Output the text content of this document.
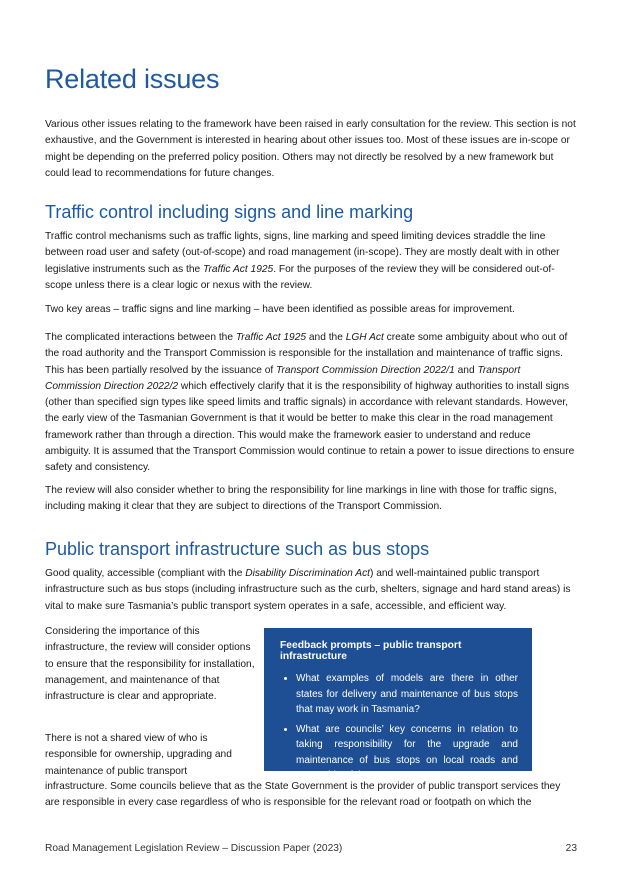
Related issues

Various other issues relating to the framework have been raised in early consultation for the review. This section is not exhaustive, and the Government is interested in hearing about other issues too. Most of these issues are in-scope or might be depending on the preferred policy position. Others may not directly be resolved by a new framework but could lead to recommendations for future changes.

Traffic control including signs and line marking

Traffic control mechanisms such as traffic lights, signs, line marking and speed limiting devices straddle the line between road user and safety (out-of-scope) and road management (in-scope). They are mostly dealt with in other legislative instruments such as the Traffic Act 1925. For the purposes of the review they will be considered out-of-scope unless there is a clear logic or nexus with the review.

Two key areas – traffic signs and line marking – have been identified as possible areas for improvement.

The complicated interactions between the Traffic Act 1925 and the LGH Act create some ambiguity about who out of the road authority and the Transport Commission is responsible for the installation and maintenance of traffic signs. This has been partially resolved by the issuance of Transport Commission Direction 2022/1 and Transport Commission Direction 2022/2 which effectively clarify that it is the responsibility of highway authorities to install signs (other than specified sign types like speed limits and traffic signals) in accordance with relevant standards. However, the early view of the Tasmanian Government is that it would be better to make this clear in the road management framework rather than through a direction. This would make the framework easier to understand and reduce ambiguity. It is assumed that the Transport Commission would continue to retain a power to issue directions to ensure safety and consistency.

The review will also consider whether to bring the responsibility for line markings in line with those for traffic signs, including making it clear that they are subject to directions of the Transport Commission.

Public transport infrastructure such as bus stops

Good quality, accessible (compliant with the Disability Discrimination Act) and well-maintained public transport infrastructure such as bus stops (including infrastructure such as the curb, shelters, signage and hard stand areas) is vital to make sure Tasmania’s public transport system operates in a safe, accessible, and efficient way.

Considering the importance of this infrastructure, the review will consider options to ensure that the responsibility for installation, management, and maintenance of that infrastructure is clear and appropriate.

There is not a shared view of who is responsible for ownership, upgrading and maintenance of public transport

infrastructure. Some councils believe that as the State Government is the provider of public transport services they are responsible in every case regardless of who is responsible for the relevant road or footpath on which the

Feedback prompts – public transport infrastructure
• What examples of models are there in other states for delivery and maintenance of bus stops that may work in Tasmania?
• What are councils’ key concerns in relation to taking responsibility for the upgrade and maintenance of bus stops on local roads and ownership of the asset?
Road Management Legislation Review – Discussion Paper (2023)	23
